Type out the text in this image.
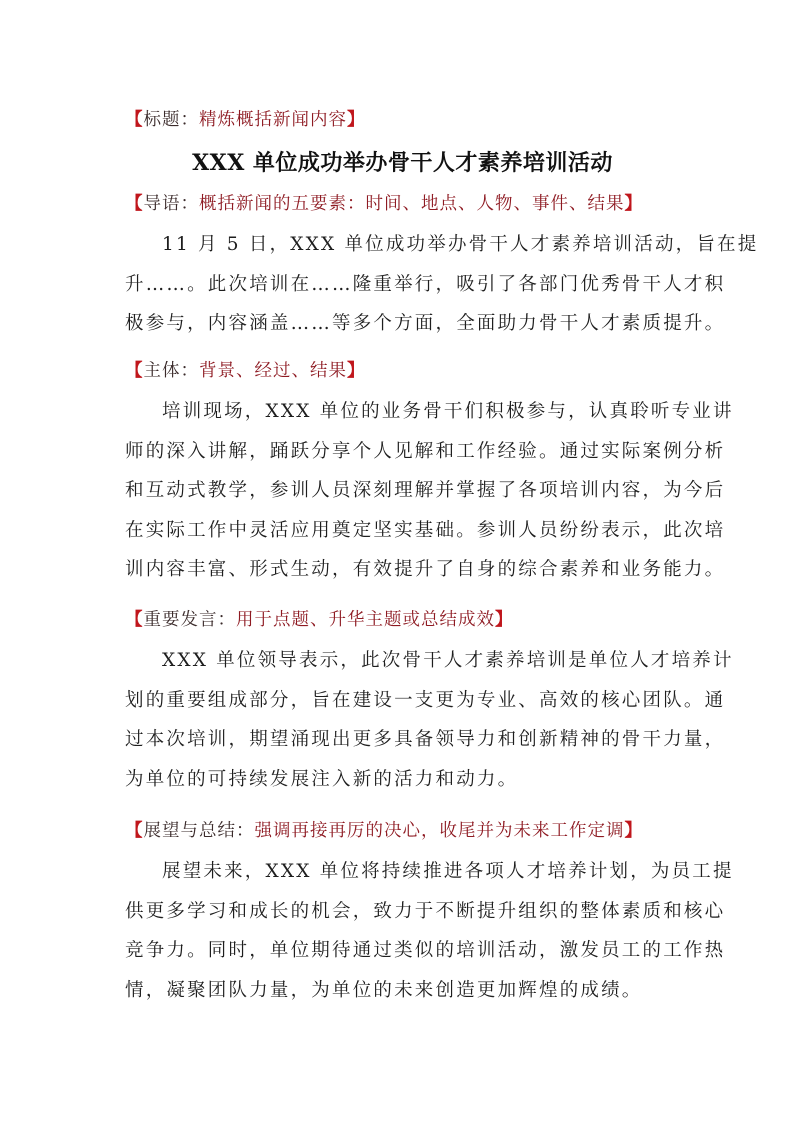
【标题：精炼概括新闻内容】
XXX 单位成功举办骨干人才素养培训活动
【导语：概括新闻的五要素：时间、地点、人物、事件、结果】
11 月 5 日，XXX 单位成功举办骨干人才素养培训活动，旨在提
升……。此次培训在……隆重举行，吸引了各部门优秀骨干人才积
极参与，内容涵盖……等多个方面，全面助力骨干人才素质提升。
【主体：背景、经过、结果】
培训现场，XXX 单位的业务骨干们积极参与，认真聆听专业讲
师的深入讲解，踊跃分享个人见解和工作经验。通过实际案例分析
和互动式教学，参训人员深刻理解并掌握了各项培训内容，为今后
在实际工作中灵活应用奠定坚实基础。参训人员纷纷表示，此次培
训内容丰富、形式生动，有效提升了自身的综合素养和业务能力。
【重要发言：用于点题、升华主题或总结成效】
XXX 单位领导表示，此次骨干人才素养培训是单位人才培养计
划的重要组成部分，旨在建设一支更为专业、高效的核心团队。通
过本次培训，期望涌现出更多具备领导力和创新精神的骨干力量，
为单位的可持续发展注入新的活力和动力。
【展望与总结：强调再接再厉的决心，收尾并为未来工作定调】
展望未来，XXX 单位将持续推进各项人才培养计划，为员工提
供更多学习和成长的机会，致力于不断提升组织的整体素质和核心
竞争力。同时，单位期待通过类似的培训活动，激发员工的工作热
情，凝聚团队力量，为单位的未来创造更加辉煌的成绩。
